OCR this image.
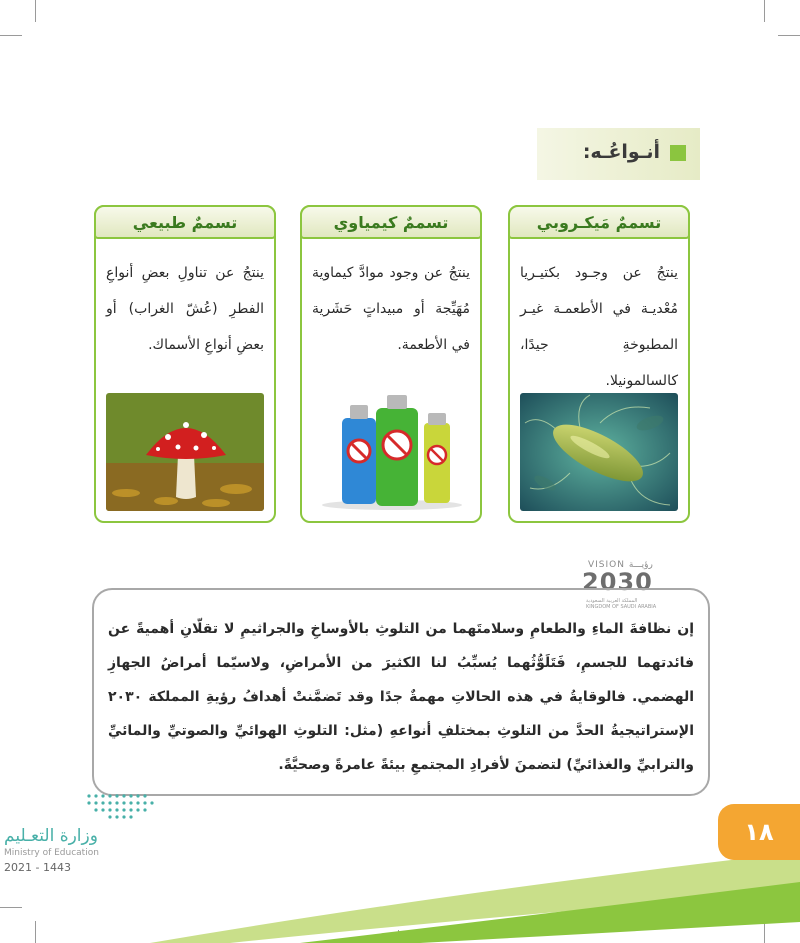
أنـواعُـه:
تسممٌ مَيكـروبي
ينتجُ عن وجـود بكتيـريا مُعْديـة في الأطعمـة غيـر المطبوخةِ جيدًا، كالسالمونيلا.
تسممٌ كيمياوي
ينتجُ عن وجود موادَّ كيماوية مُهَيِّجة أو مبيداتٍ حَشَرية في الأطعمة.
تسممٌ طبيعي
ينتجُ عن تناولِ بعضِ أنواعِ الفطرِ (عُشّ الغراب) أو بعضِ أنواعِ الأسماك.
VISION رؤيـــة
2030
المملكة العربية السعودية
KINGDOM OF SAUDI ARABIA
إن نظافةَ الماءِ والطعامِ وسلامتَهما من التلوثِ بالأوساخِ والجراثيمِ لا تقلّانِ أهميةً عن فائدتهما للجسمِ، فَتَلَوُّثُهما يُسبِّبُ لنا الكثيرَ من الأمراضِ، ولاسيّما أمراضُ الجهازِ الهضمي. فالوقايةُ في هذه الحالاتِ مهمةٌ جدًا وقد تَضمَّنتْ أهدافُ رؤيةِ المملكة ٢٠٣٠ الإستراتيجيةُ الحدَّ من التلوثِ بمختلفِ أنواعهِ (مثل: التلوثِ الهوائيِّ والصوتيِّ والمائيِّ والترابيِّ والغذائيِّ) لتضمنَ لأفرادِ المجتمعِ بيئةً عامرةً وصحيَّةً.
١٨
وزارة التعـليم
Ministry of Education
2021 - 1443
